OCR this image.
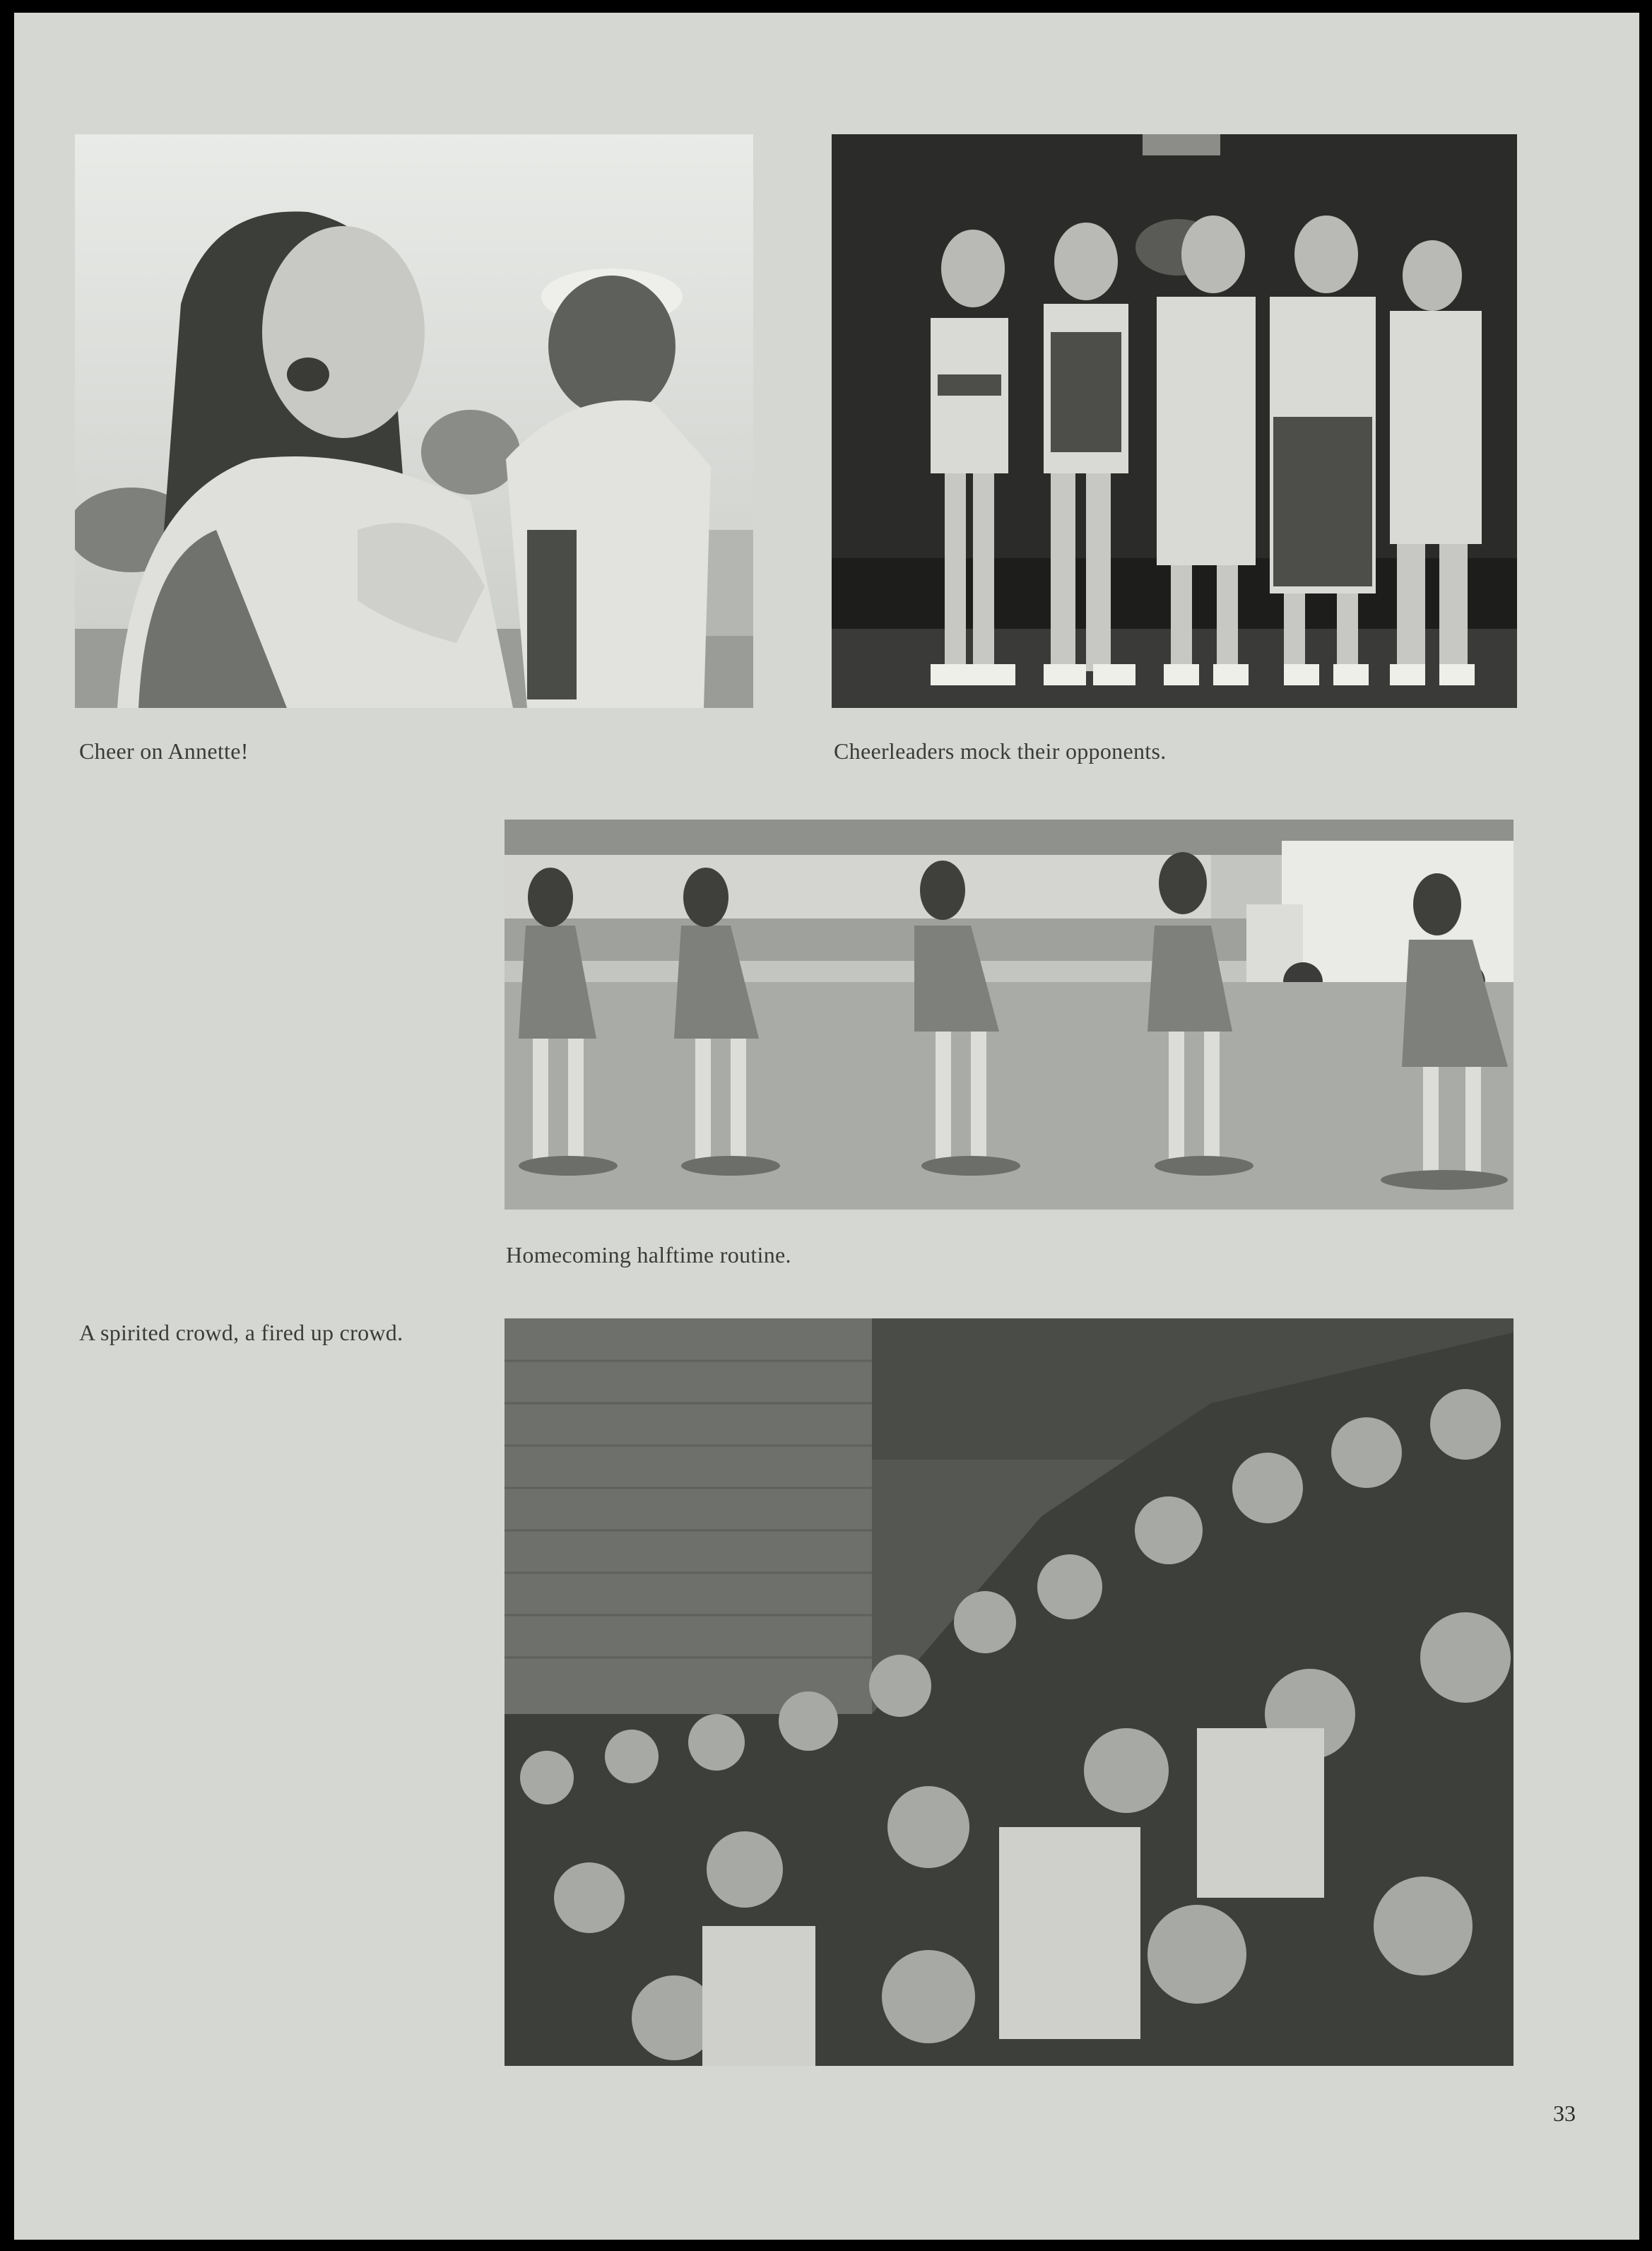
Cheer on Annette!	Cheerleaders mock their opponents.
Homecoming halftime routine.
A spirited crowd, a fired up crowd.
33
